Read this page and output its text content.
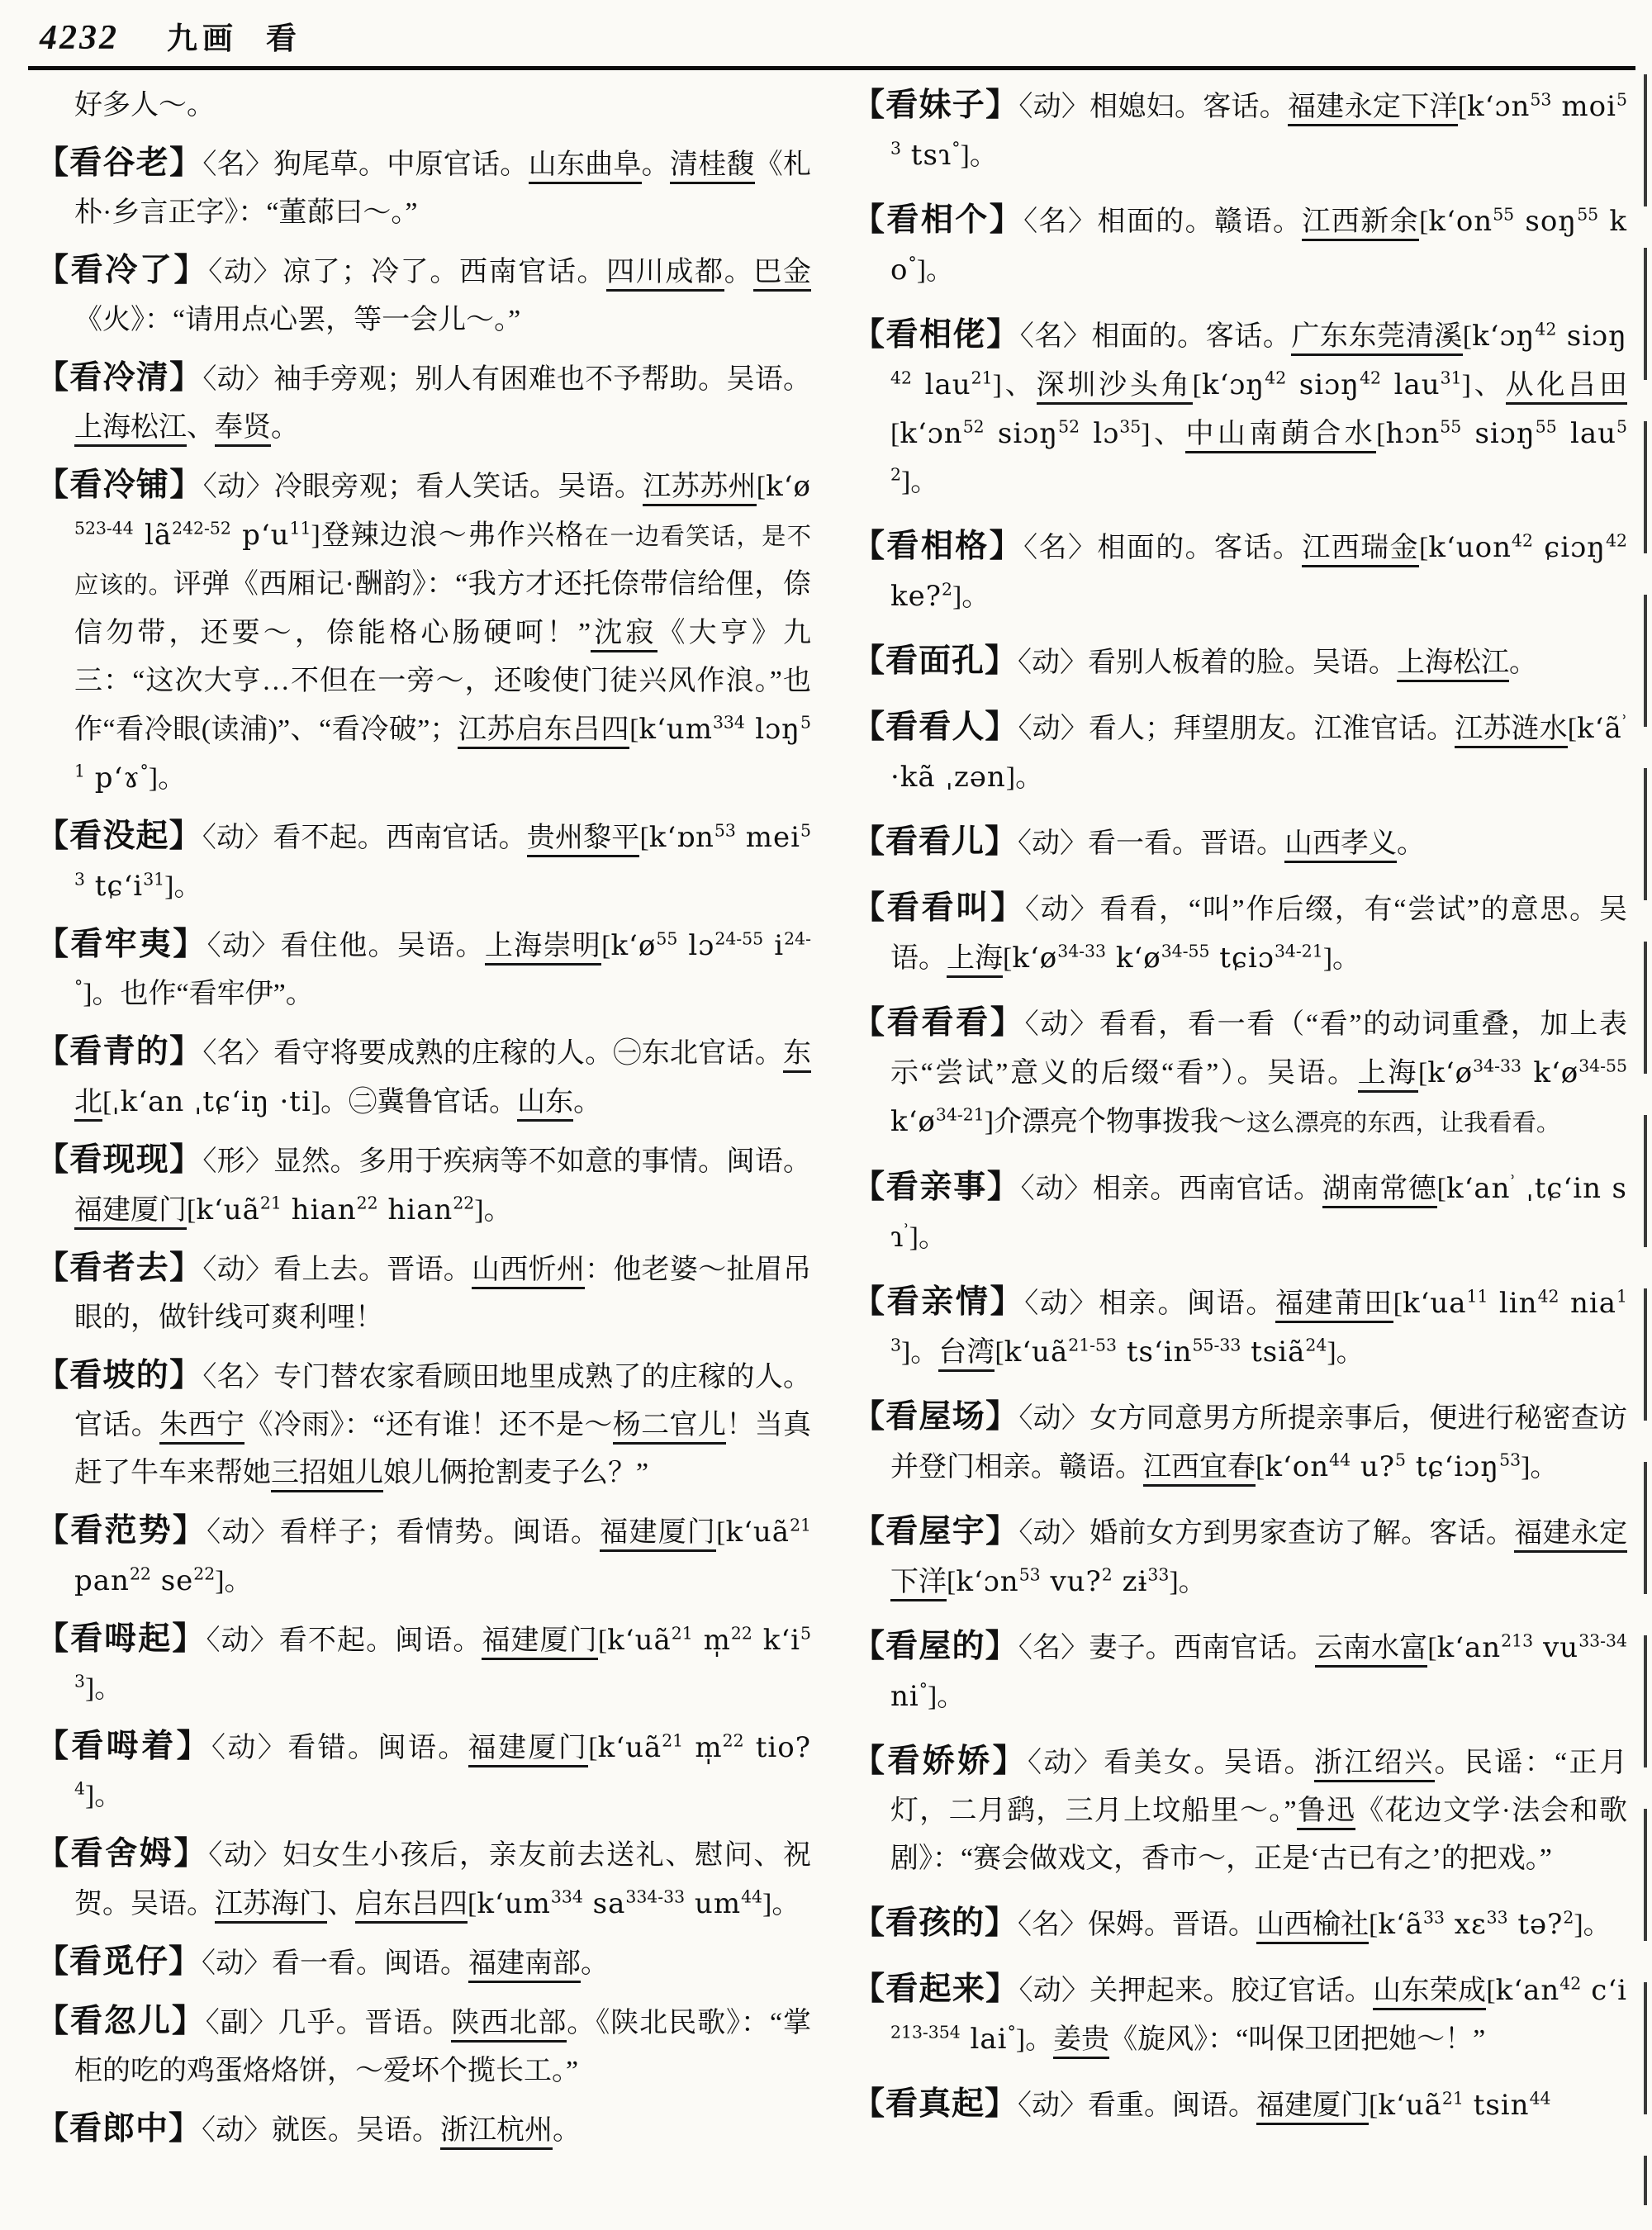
4232 九画 看

好多人～。

【看谷老】〈名〉狗尾草。中原官话。山东曲阜。清桂馥《札朴·乡言正字》：“董蓈曰～。”

【看冷了】〈动〉凉了；冷了。西南官话。四川成都。巴金《火》：“请用点心罢，等一会儿～。”

【看冷清】〈动〉袖手旁观；别人有困难也不予帮助。吴语。上海松江、奉贤。

【看冷铺】〈动〉冷眼旁观；看人笑话。吴语。江苏苏州[$k‘ø^{523-44}$ $lã^{242-52}$ $p‘u^{11}$]登辣边浪～弗作兴格在一边看笑话，是不应该的。评弹《西厢记·酬韵》：“我方才还托倷带信给俚，倷信勿带，还要～，倷能格心肠硬呵！”沈寂《大亨》九三：“这次大亨…不但在一旁～，还唆使门徒兴风作浪。”也作“看冷眼(读浦)”、“看冷破”；江苏启东吕四[$k‘um^{334}$ lɔŋ$^{51}$ p‘ɤ°]。

【看没起】〈动〉看不起。西南官话。贵州黎平[k‘ɒn$^{53}$ mei$^{53}$ $tɕ‘i^{31}$]。

【看牢夷】〈动〉看住他。吴语。上海崇明[$k‘ø^{55}$ lɔ$^{24-55}$ $i^{24-^\circ}$]。也作“看牢伊”。

【看青的】〈名〉看守将要成熟的庄稼的人。㊀东北官话。东北[ˌk‘an ˌtɕ‘iŋ ·ti]。㊁冀鲁官话。山东。

【看现现】〈形〉显然。多用于疾病等不如意的事情。闽语。福建厦门[$k‘uã^{21}$ hian$^{22}$ hian$^{22}$]。

【看者去】〈动〉看上去。晋语。山西忻州：他老婆～扯眉吊眼的，做针线可爽利哩！

【看坡的】〈名〉专门替农家看顾田地里成熟了的庄稼的人。官话。朱西宁《冷雨》：“还有谁！还不是～杨二官儿！当真赶了牛车来帮她三招姐儿娘儿俩抢割麦子么？”

【看范势】〈动〉看样子；看情势。闽语。福建厦门[$k‘uã^{21}$ pan$^{22}$ $se^{22}$]。

【看呣起】〈动〉看不起。闽语。福建厦门[$k‘uã^{21}$ m̩$^{22}$ $k‘i^{53}$]。

【看呣着】〈动〉看错。闽语。福建厦门[$k‘uã^{21}$ m̩$^{22}$ tio?$^4$]。

【看舍姆】〈动〉妇女生小孩后，亲友前去送礼、慰问、祝贺。吴语。江苏海门、启东吕四[$k‘um^{334}$ $sa^{334-33}$ $um^{44}$]。

【看觅仔】〈动〉看一看。闽语。福建南部。

【看忽儿】〈副〉几乎。晋语。陕西北部。《陕北民歌》：“掌柜的吃的鸡蛋烙烙饼，～爱坏个揽长工。”

【看郎中】〈动〉就医。吴语。浙江杭州。

【看妹子】〈动〉相媳妇。客话。福建永定下洋[k‘ɔn$^{53}$ moi$^{53}$ tsɿ°]。

【看相个】〈名〉相面的。赣语。江西新余[$k‘on^{55}$ soŋ$^{55}$ ko°]。

【看相佬】〈名〉相面的。客话。广东东莞清溪[k‘ɔŋ$^{42}$ siɔŋ$^{42}$ lau$^{21}$]、深圳沙头角[k‘ɔŋ$^{42}$ siɔŋ$^{42}$ lau$^{31}$]、从化吕田[k‘ɔn$^{52}$ siɔŋ$^{52}$ lɔ$^{35}$]、中山南蓢合水[hɔn$^{55}$ siɔŋ$^{55}$ lau$^{52}$]。

【看相格】〈名〉相面的。客话。江西瑞金[k‘uon$^{42}$ ɕiɔŋ$^{42}$ ke?$^2$]。

【看面孔】〈动〉看别人板着的脸。吴语。上海松江。

【看看人】〈动〉看人；拜望朋友。江淮官话。江苏涟水[$k‘ã^ʾ$ ·kã ˌzən]。

【看看儿】〈动〉看一看。晋语。山西孝义。

【看看叫】〈动〉看看，“叫”作后缀，有“尝试”的意思。吴语。上海[$k‘ø^{34-33}$ $k‘ø^{34-55}$ tɕiɔ$^{34-21}$]。

【看看看】〈动〉看看，看一看（“看”的动词重叠，加上表示“尝试”意义的后缀“看”）。吴语。上海[$k‘ø^{34-33}$ $k‘ø^{34-55}$ $k‘ø^{34-21}$]介漂亮个物事拨我～这么漂亮的东西，让我看看。

【看亲事】〈动〉相亲。西南官话。湖南常德[$k‘an^ʾ$ ˌtɕ‘in sɿ$^ʾ$]。

【看亲情】〈动〉相亲。闽语。福建莆田[$k‘ua^{11}$ lin$^{42}$ nia$^{13}$]。台湾[$k‘uã^{21-53}$ $ts‘in^{55-33}$ tsiã$^{24}$]。

【看屋场】〈动〉女方同意男方所提亲事后，便进行秘密查访并登门相亲。赣语。江西宜春[$k‘on^{44}$ u?$^5$ tɕ‘iɔŋ$^{53}$]。

【看屋宇】〈动〉婚前女方到男家查访了解。客话。福建永定下洋[k‘ɔn$^{53}$ vu?$^2$ zɨ$^{33}$]。

【看屋的】〈名〉妻子。西南官话。云南水富[$k‘an^{213}$ $vu^{33-34}$ ni°]。

【看娇娇】〈动〉看美女。吴语。浙江绍兴。民谣：“正月灯，二月鹞，三月上坟船里～。”鲁迅《花边文学·法会和歌剧》：“赛会做戏文，香市～，正是‘古已有之’的把戏。”

【看孩的】〈名〉保姆。晋语。山西榆社[$k‘ã^{33}$ xɛ$^{33}$ tə?$^2$]。

【看起来】〈动〉关押起来。胶辽官话。山东荣成[$k‘an^{42}$ $c‘i^{213-354}$ lai°]。姜贵《旋风》：“叫保卫团把她～！”

【看真起】〈动〉看重。闽语。福建厦门[$k‘uã^{21}$ tsin$^{44}$
